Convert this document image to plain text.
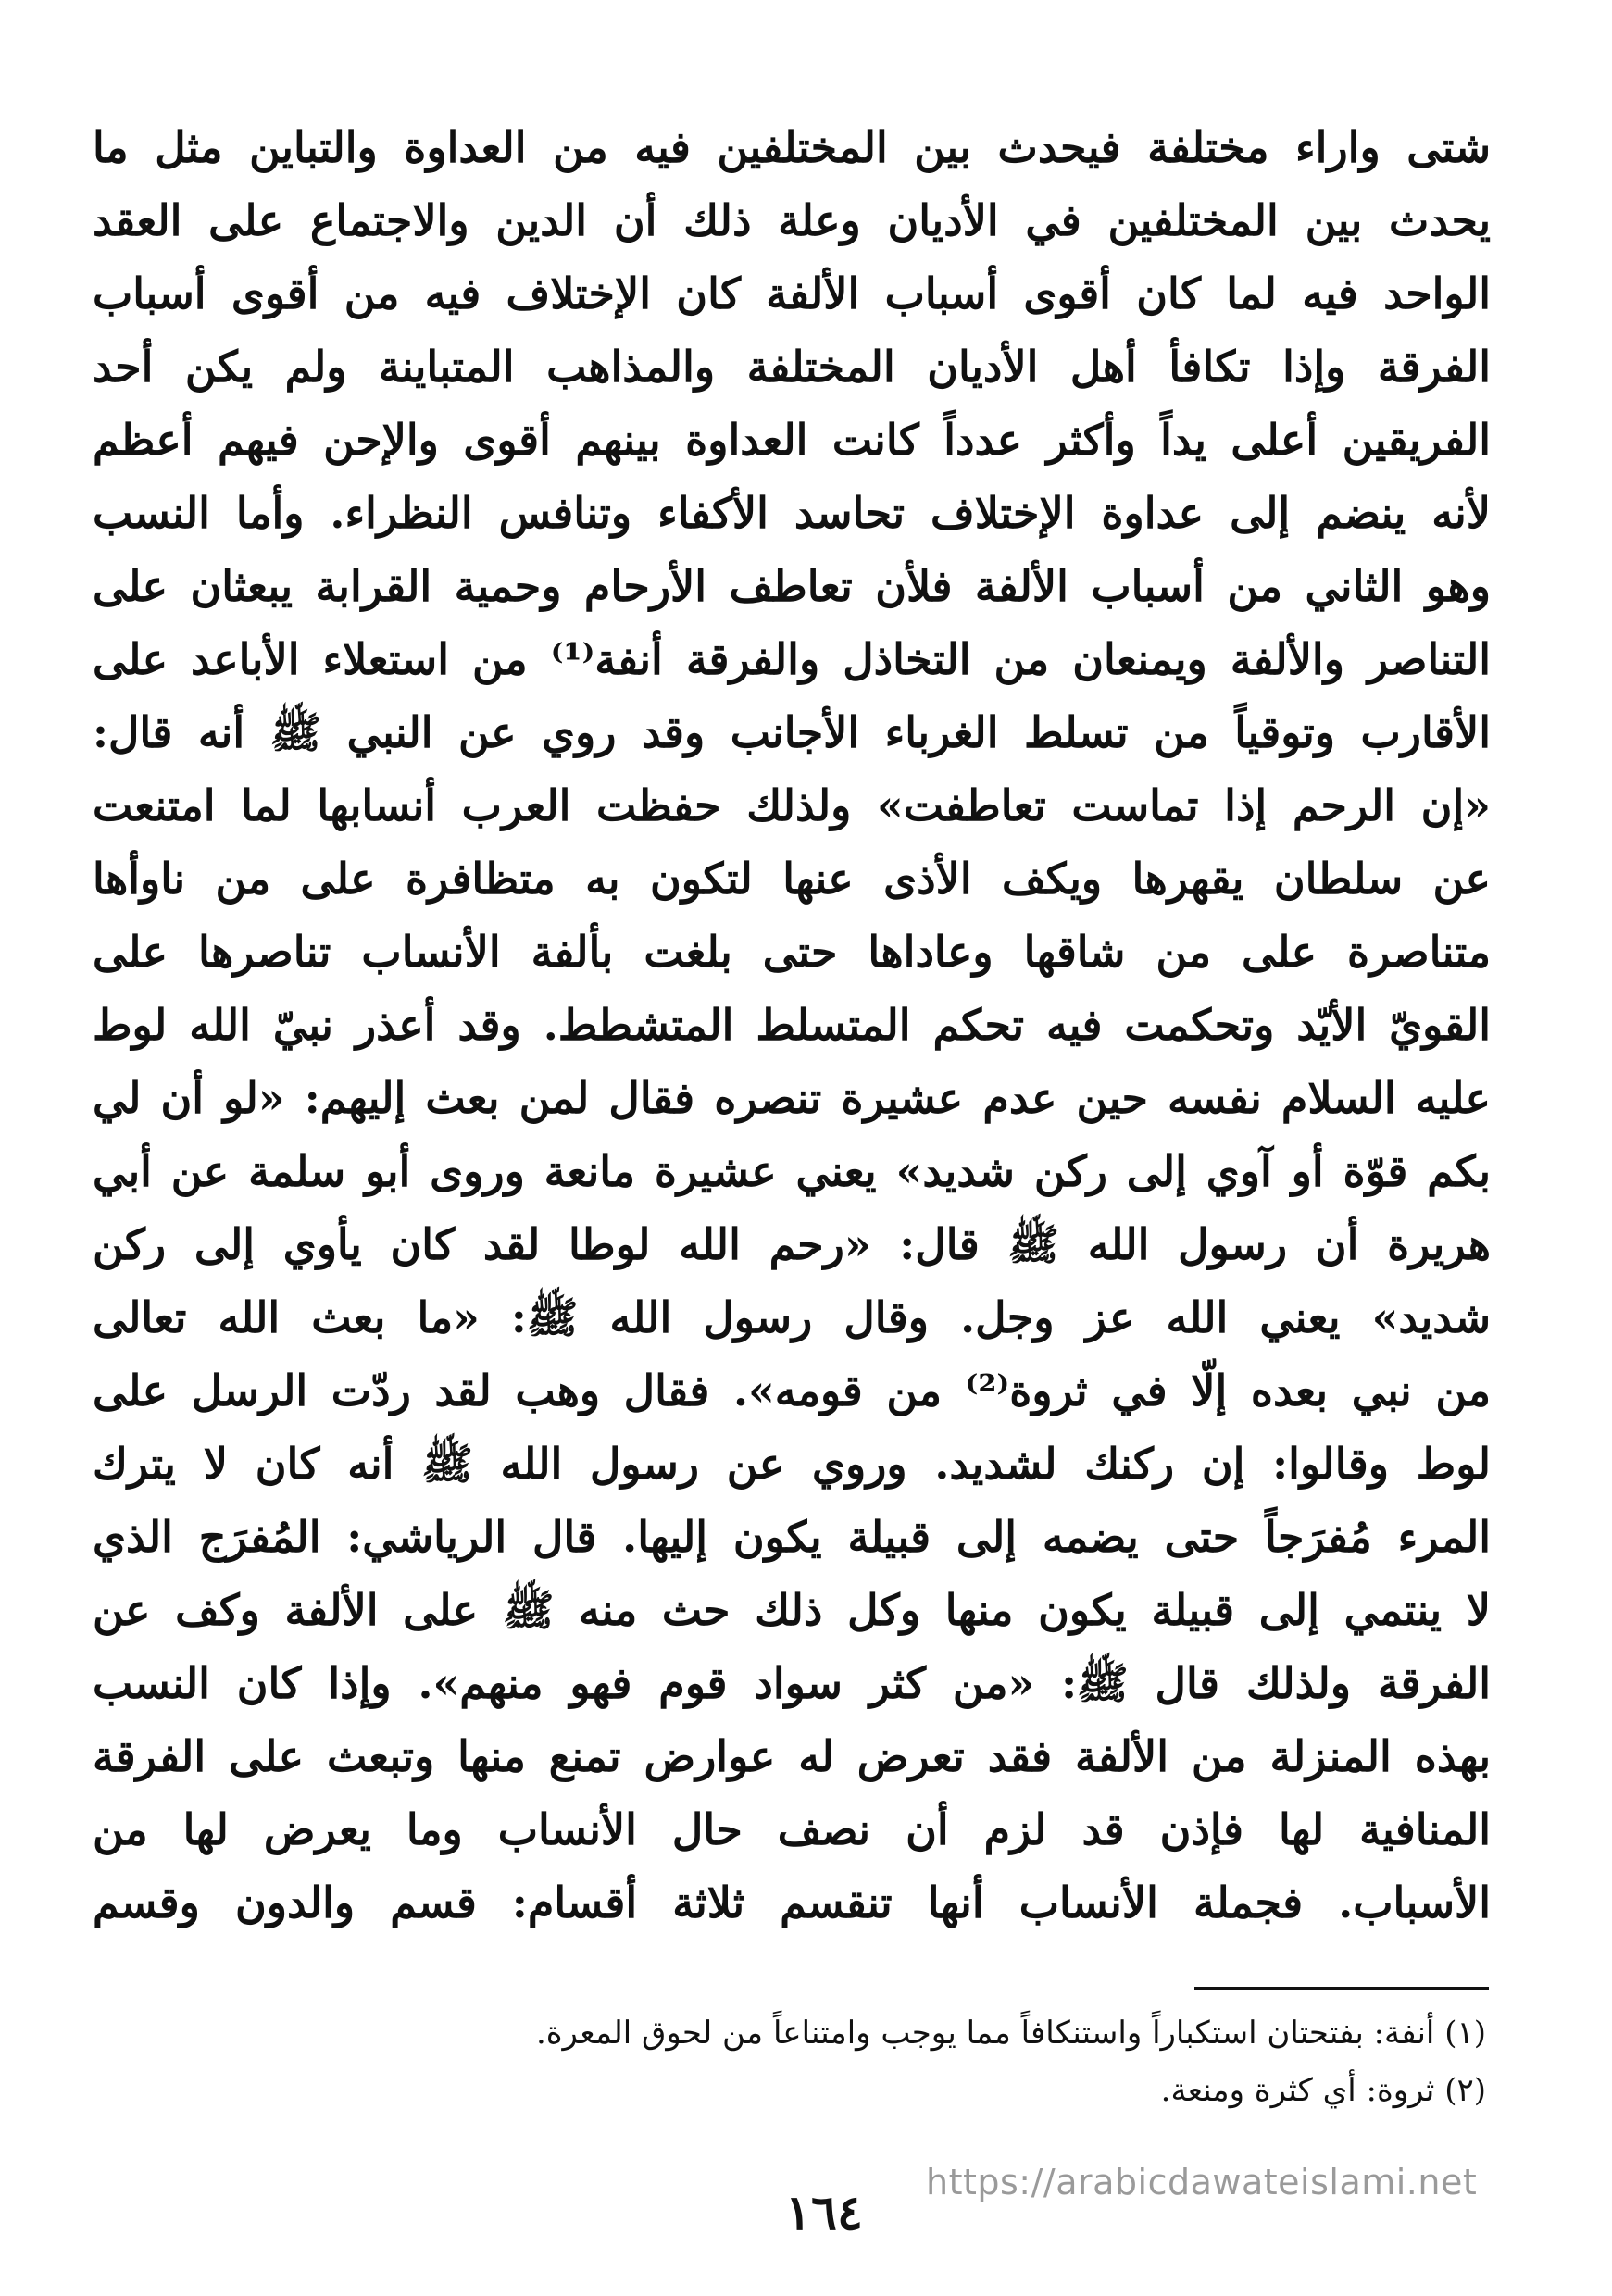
شتى واراء مختلفة فيحدث بين المختلفين فيه من العداوة والتباين مثل ما
يحدث بين المختلفين في الأديان وعلة ذلك أن الدين والاجتماع على العقد
الواحد فيه لما كان أقوى أسباب الألفة كان الإختلاف فيه من أقوى أسباب
الفرقة وإذا تكافأ أهل الأديان المختلفة والمذاهب المتباينة ولم يكن أحد
الفريقين أعلى يداً وأكثر عدداً كانت العداوة بينهم أقوى والإحن فيهم أعظم
لأنه ينضم إلى عداوة الإختلاف تحاسد الأكفاء وتنافس النظراء. وأما النسب
وهو الثاني من أسباب الألفة فلأن تعاطف الأرحام وحمية القرابة يبعثان على
التناصر والألفة ويمنعان من التخاذل والفرقة أنفة⁽¹⁾ من استعلاء الأباعد على
الأقارب وتوقياً من تسلط الغرباء الأجانب وقد روي عن النبي ﷺ أنه قال:
«إن الرحم إذا تماست تعاطفت» ولذلك حفظت العرب أنسابها لما امتنعت
عن سلطان يقهرها ويكف الأذى عنها لتكون به متظافرة على من ناوأها
متناصرة على من شاقها وعاداها حتى بلغت بألفة الأنساب تناصرها على
القويّ الأيّد وتحكمت فيه تحكم المتسلط المتشطط. وقد أعذر نبيّ الله لوط
عليه السلام نفسه حين عدم عشيرة تنصره فقال لمن بعث إليهم: «لو أن لي
بكم قوّة أو آوي إلى ركن شديد» يعني عشيرة مانعة وروى أبو سلمة عن أبي
هريرة أن رسول الله ﷺ قال: «رحم الله لوطا لقد كان يأوي إلى ركن
شديد» يعني الله عز وجل. وقال رسول الله ﷺ: «ما بعث الله تعالى
من نبي بعده إلّا في ثروة⁽²⁾ من قومه». فقال وهب لقد ردّت الرسل على
لوط وقالوا: إن ركنك لشديد. وروي عن رسول الله ﷺ أنه كان لا يترك
المرء مُفرَجاً حتى يضمه إلى قبيلة يكون إليها. قال الرياشي: المُفرَج الذي
لا ينتمي إلى قبيلة يكون منها وكل ذلك حث منه ﷺ على الألفة وكف عن
الفرقة ولذلك قال ﷺ: «من كثر سواد قوم فهو منهم». وإذا كان النسب
بهذه المنزلة من الألفة فقد تعرض له عوارض تمنع منها وتبعث على الفرقة
المنافية لها فإذن قد لزم أن نصف حال الأنساب وما يعرض لها من
الأسباب. فجملة الأنساب أنها تنقسم ثلاثة أقسام: قسم والدون وقسم
(١) أنفة: بفتحتان استكباراً واستنكافاً مما يوجب وامتناعاً من لحوق المعرة.
(٢) ثروة: أي كثرة ومنعة.
https://arabicdawateislami.net
١٦٤
